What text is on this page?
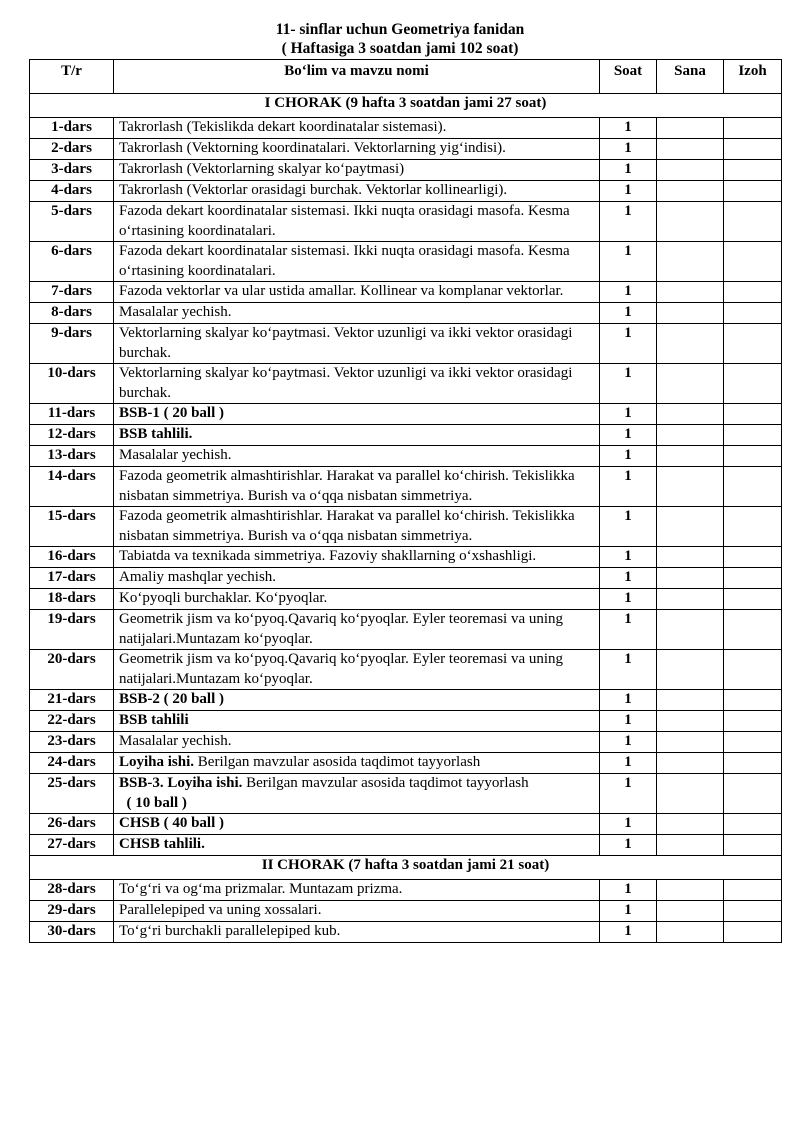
11- sinflar uchun Geometriya fanidan
( Haftasiga 3 soatdan jami 102 soat)
T/r	Bo‘lim va mavzu nomi	Soat	Sana	Izoh
I CHORAK (9 hafta 3 soatdan jami 27 soat)				
1-dars	Takrorlash (Tekislikda dekart koordinatalar sistemasi).	1		
2-dars	Takrorlash (Vektorning koordinatalari. Vektorlarning yig‘indisi).	1		
3-dars	Takrorlash (Vektorlarning skalyar ko‘paytmasi)	1		
4-dars	Takrorlash (Vektorlar orasidagi burchak. Vektorlar kollinearligi).	1		
5-dars	Fazoda dekart koordinatalar sistemasi. Ikki nuqta orasidagi masofa. Kesma o‘rtasining koordinatalari.	1		
6-dars	Fazoda dekart koordinatalar sistemasi. Ikki nuqta orasidagi masofa. Kesma o‘rtasining koordinatalari.	1		
7-dars	Fazoda vektorlar va ular ustida amallar. Kollinear va komplanar vektorlar.	1		
8-dars	Masalalar yechish.	1		
9-dars	Vektorlarning skalyar ko‘paytmasi. Vektor uzunligi va ikki vektor orasidagi burchak.	1		
10-dars	Vektorlarning skalyar ko‘paytmasi. Vektor uzunligi va ikki vektor orasidagi burchak.	1		
11-dars	BSB-1 ( 20 ball )	1		
12-dars	BSB tahlili.	1		
13-dars	Masalalar yechish.	1		
14-dars	Fazoda geometrik almashtirishlar. Harakat va parallel ko‘chirish. Tekislikka nisbatan simmetriya. Burish va o‘qqa nisbatan simmetriya.	1		
15-dars	Fazoda geometrik almashtirishlar. Harakat va parallel ko‘chirish. Tekislikka nisbatan simmetriya. Burish va o‘qqa nisbatan simmetriya.	1		
16-dars	Tabiatda va texnikada simmetriya. Fazoviy shakllarning o‘xshashligi.	1		
17-dars	Amaliy mashqlar yechish.	1		
18-dars	Ko‘pyoqli burchaklar. Ko‘pyoqlar.	1		
19-dars	Geometrik jism va ko‘pyoq.Qavariq ko‘pyoqlar. Eyler teoremasi va uning natijalari.Muntazam ko‘pyoqlar.	1		
20-dars	Geometrik jism va ko‘pyoq.Qavariq ko‘pyoqlar. Eyler teoremasi va uning natijalari.Muntazam ko‘pyoqlar.	1		
21-dars	BSB-2 ( 20 ball )	1		
22-dars	BSB tahlili	1		
23-dars	Masalalar yechish.	1		
24-dars	Loyiha ishi. Berilgan mavzular asosida taqdimot tayyorlash	1		
25-dars	BSB-3. Loyiha ishi. Berilgan mavzular asosida taqdimot tayyorlash   ( 10 ball )	1		
26-dars	CHSB ( 40 ball )	1		
27-dars	CHSB tahlili.	1		
II CHORAK (7 hafta 3 soatdan jami 21 soat)				
28-dars	To‘g‘ri va og‘ma prizmalar. Muntazam prizma.	1		
29-dars	Parallelepiped va uning xossalari.	1		
30-dars	To‘g‘ri burchakli parallelepiped kub.	1		
